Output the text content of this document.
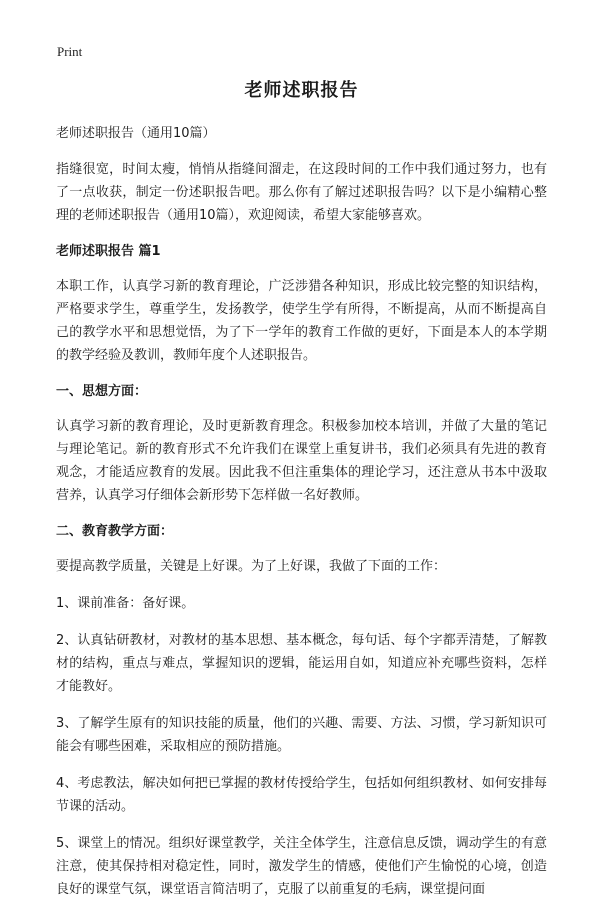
Print
老师述职报告

老师述职报告（通用10篇）

指缝很宽，时间太瘦，悄悄从指缝间溜走，在这段时间的工作中我们通过努力，也有了一点收获，制定一份述职报告吧。那么你有了解过述职报告吗？以下是小编精心整理的老师述职报告（通用10篇），欢迎阅读，希望大家能够喜欢。

老师述职报告 篇1

本职工作，认真学习新的教育理论，广泛涉猎各种知识，形成比较完整的知识结构，严格要求学生，尊重学生，发扬教学，使学生学有所得，不断提高，从而不断提高自己的教学水平和思想觉悟，为了下一学年的教育工作做的更好，下面是本人的本学期的教学经验及教训，教师年度个人述职报告。

一、思想方面：

认真学习新的教育理论，及时更新教育理念。积极参加校本培训，并做了大量的笔记与理论笔记。新的教育形式不允许我们在课堂上重复讲书，我们必须具有先进的教育观念，才能适应教育的发展。因此我不但注重集体的理论学习，还注意从书本中汲取营养，认真学习仔细体会新形势下怎样做一名好教师。

二、教育教学方面：

要提高教学质量，关键是上好课。为了上好课，我做了下面的工作：

1、课前准备：备好课。

2、认真钻研教材，对教材的基本思想、基本概念，每句话、每个字都弄清楚，了解教材的结构，重点与难点，掌握知识的逻辑，能运用自如，知道应补充哪些资料，怎样才能教好。

3、了解学生原有的知识技能的质量，他们的兴趣、需要、方法、习惯，学习新知识可能会有哪些困难，采取相应的预防措施。

4、考虑教法，解决如何把已掌握的教材传授给学生，包括如何组织教材、如何安排每节课的活动。

5、课堂上的情况。组织好课堂教学，关注全体学生，注意信息反馈，调动学生的有意注意，使其保持相对稳定性，同时，激发学生的情感，使他们产生愉悦的心境，创造良好的课堂气氛，课堂语言简洁明了，克服了以前重复的毛病，课堂提问面
